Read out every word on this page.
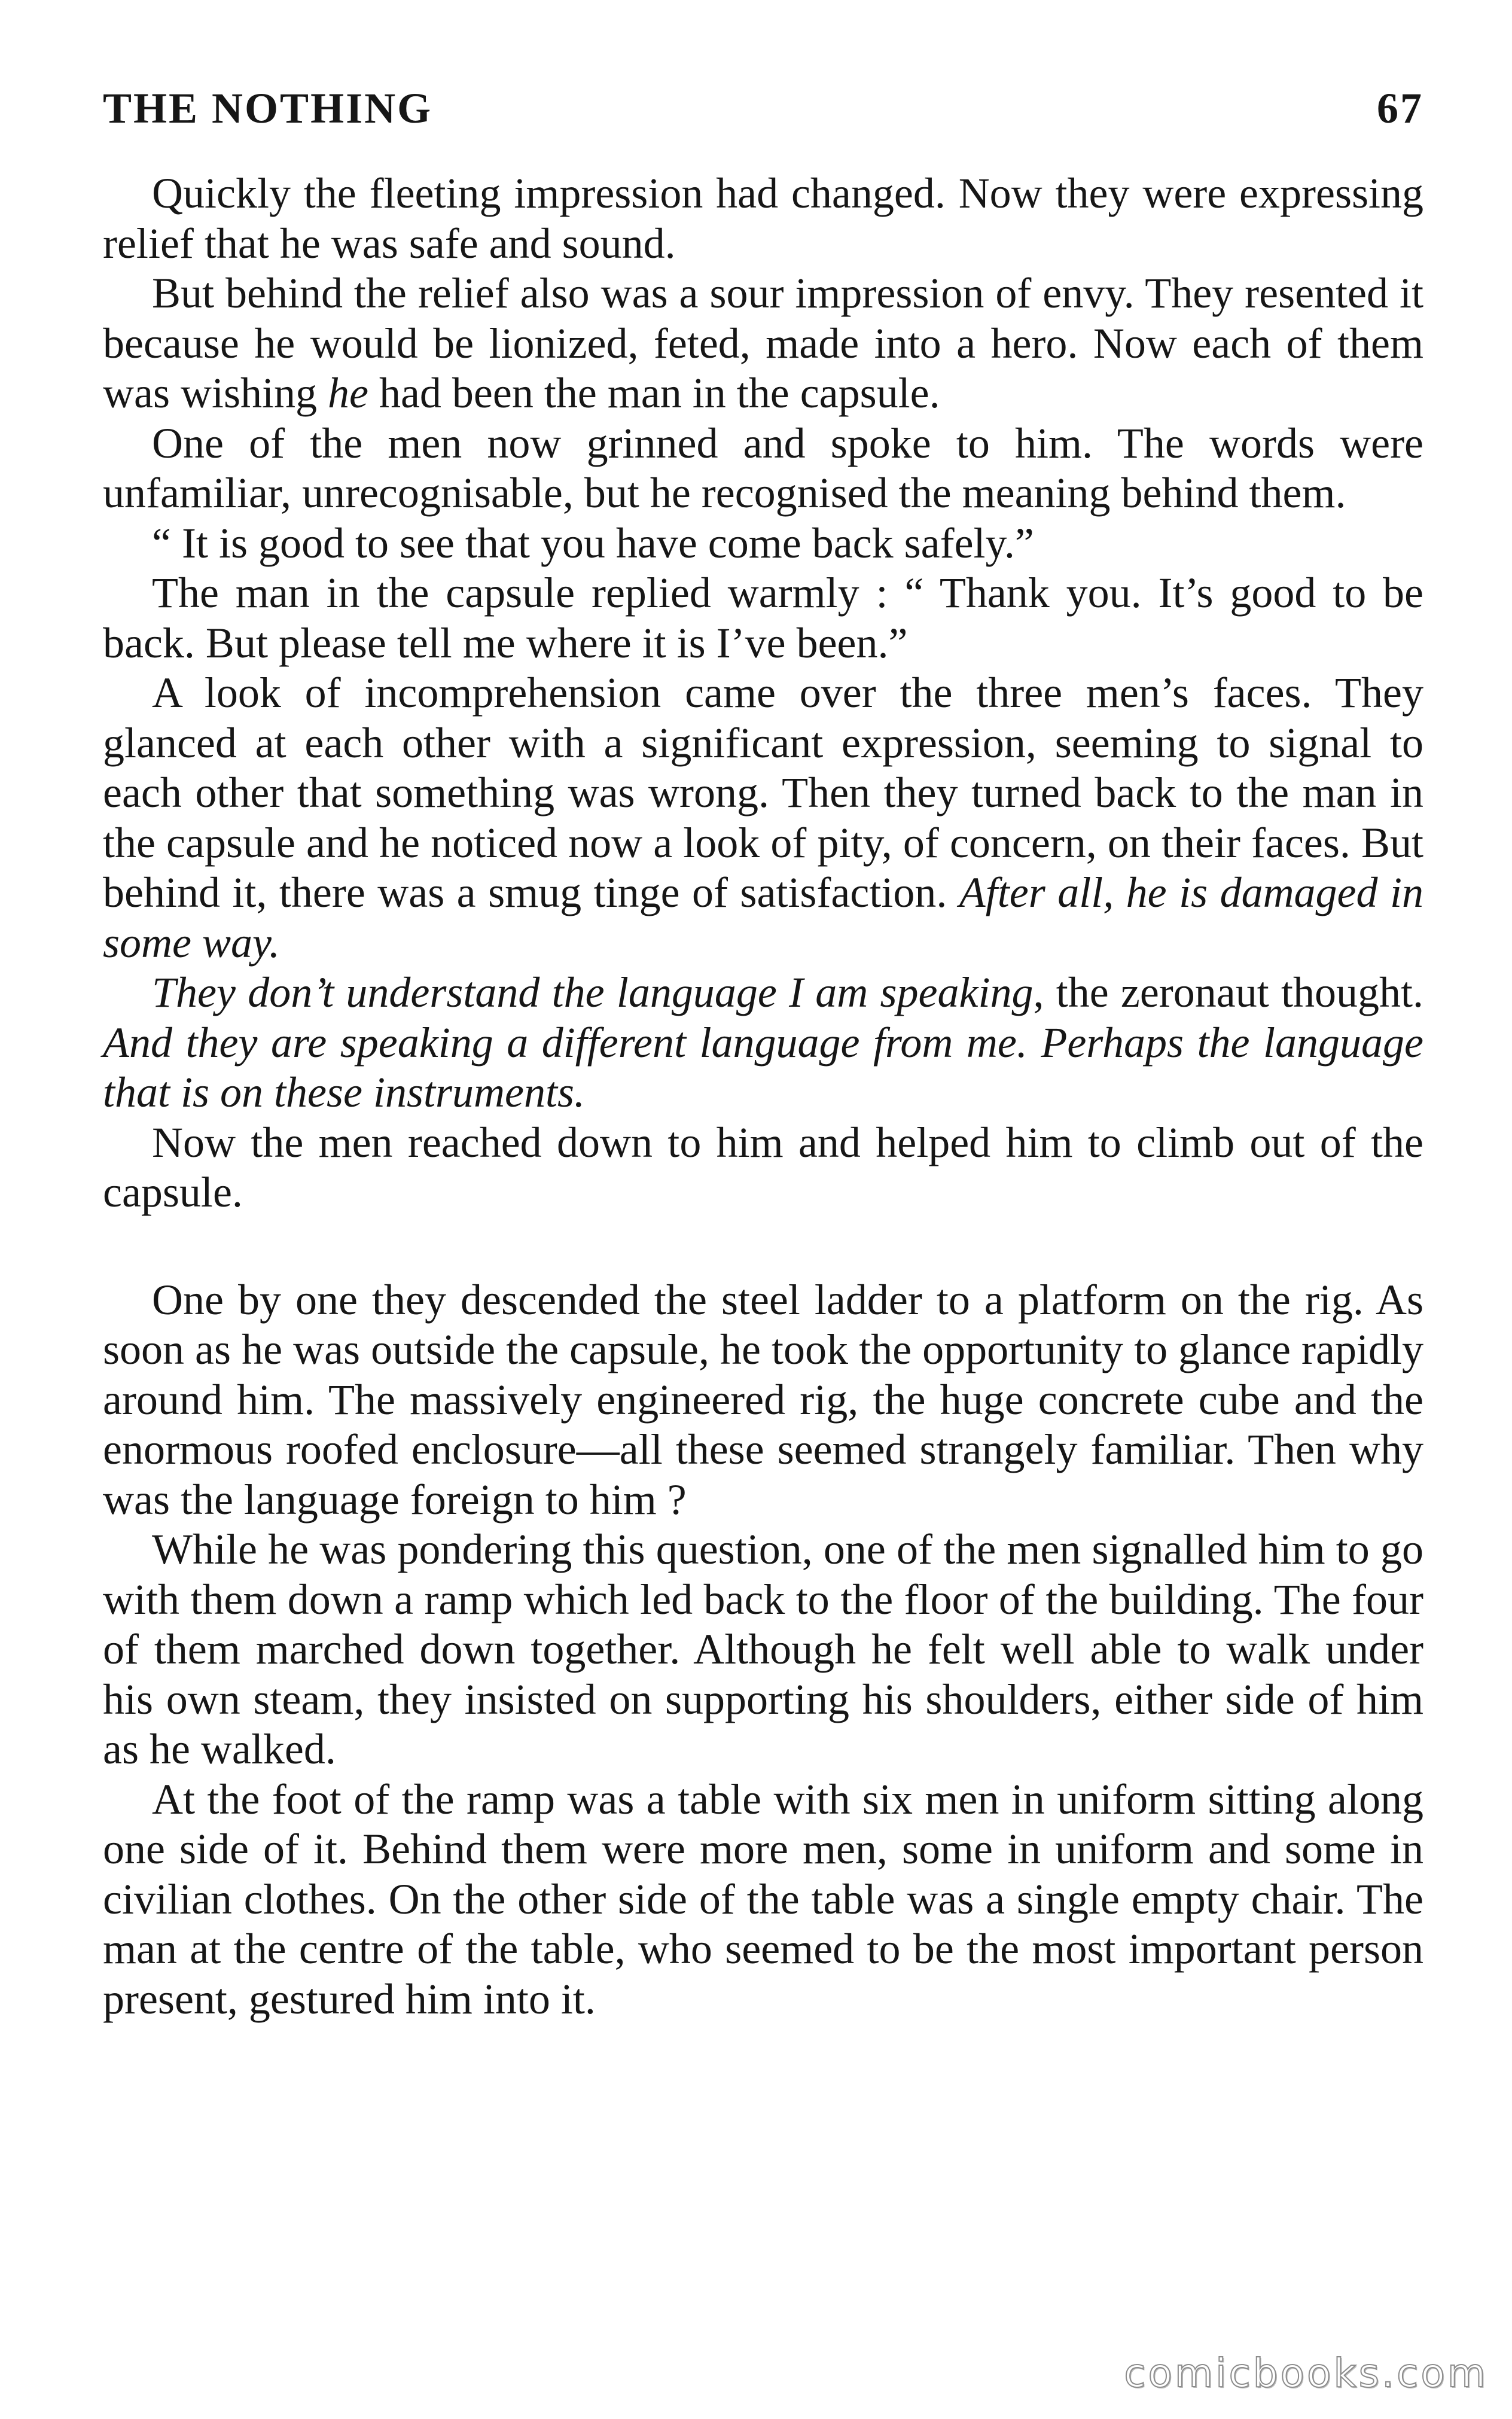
THE NOTHING	67

Quickly the fleeting impression had changed. Now they were expressing relief that he was safe and sound.

But behind the relief also was a sour impression of envy. They resented it because he would be lionized, feted, made into a hero. Now each of them was wishing he had been the man in the capsule.

One of the men now grinned and spoke to him. The words were unfamiliar, unrecognisable, but he recognised the meaning behind them.

“ It is good to see that you have come back safely.”

The man in the capsule replied warmly : “ Thank you. It’s good to be back. But please tell me where it is I’ve been.”

A look of incomprehension came over the three men’s faces. They glanced at each other with a significant expression, seeming to signal to each other that something was wrong. Then they turned back to the man in the capsule and he noticed now a look of pity, of concern, on their faces. But behind it, there was a smug tinge of satisfaction. After all, he is damaged in some way.

They don’t understand the language I am speaking, the zeronaut thought. And they are speaking a different language from me. Perhaps the language that is on these instruments.

Now the men reached down to him and helped him to climb out of the capsule.

One by one they descended the steel ladder to a platform on the rig. As soon as he was outside the capsule, he took the opportunity to glance rapidly around him. The massively engineered rig, the huge concrete cube and the enormous roofed enclosure—all these seemed strangely familiar. Then why was the language foreign to him ?

While he was pondering this question, one of the men signalled him to go with them down a ramp which led back to the floor of the building. The four of them marched down together. Although he felt well able to walk under his own steam, they insisted on supporting his shoulders, either side of him as he walked.

At the foot of the ramp was a table with six men in uniform sitting along one side of it. Behind them were more men, some in uniform and some in civilian clothes. On the other side of the table was a single empty chair. The man at the centre of the table, who seemed to be the most important person present, gestured him into it.

comicbooks.com
